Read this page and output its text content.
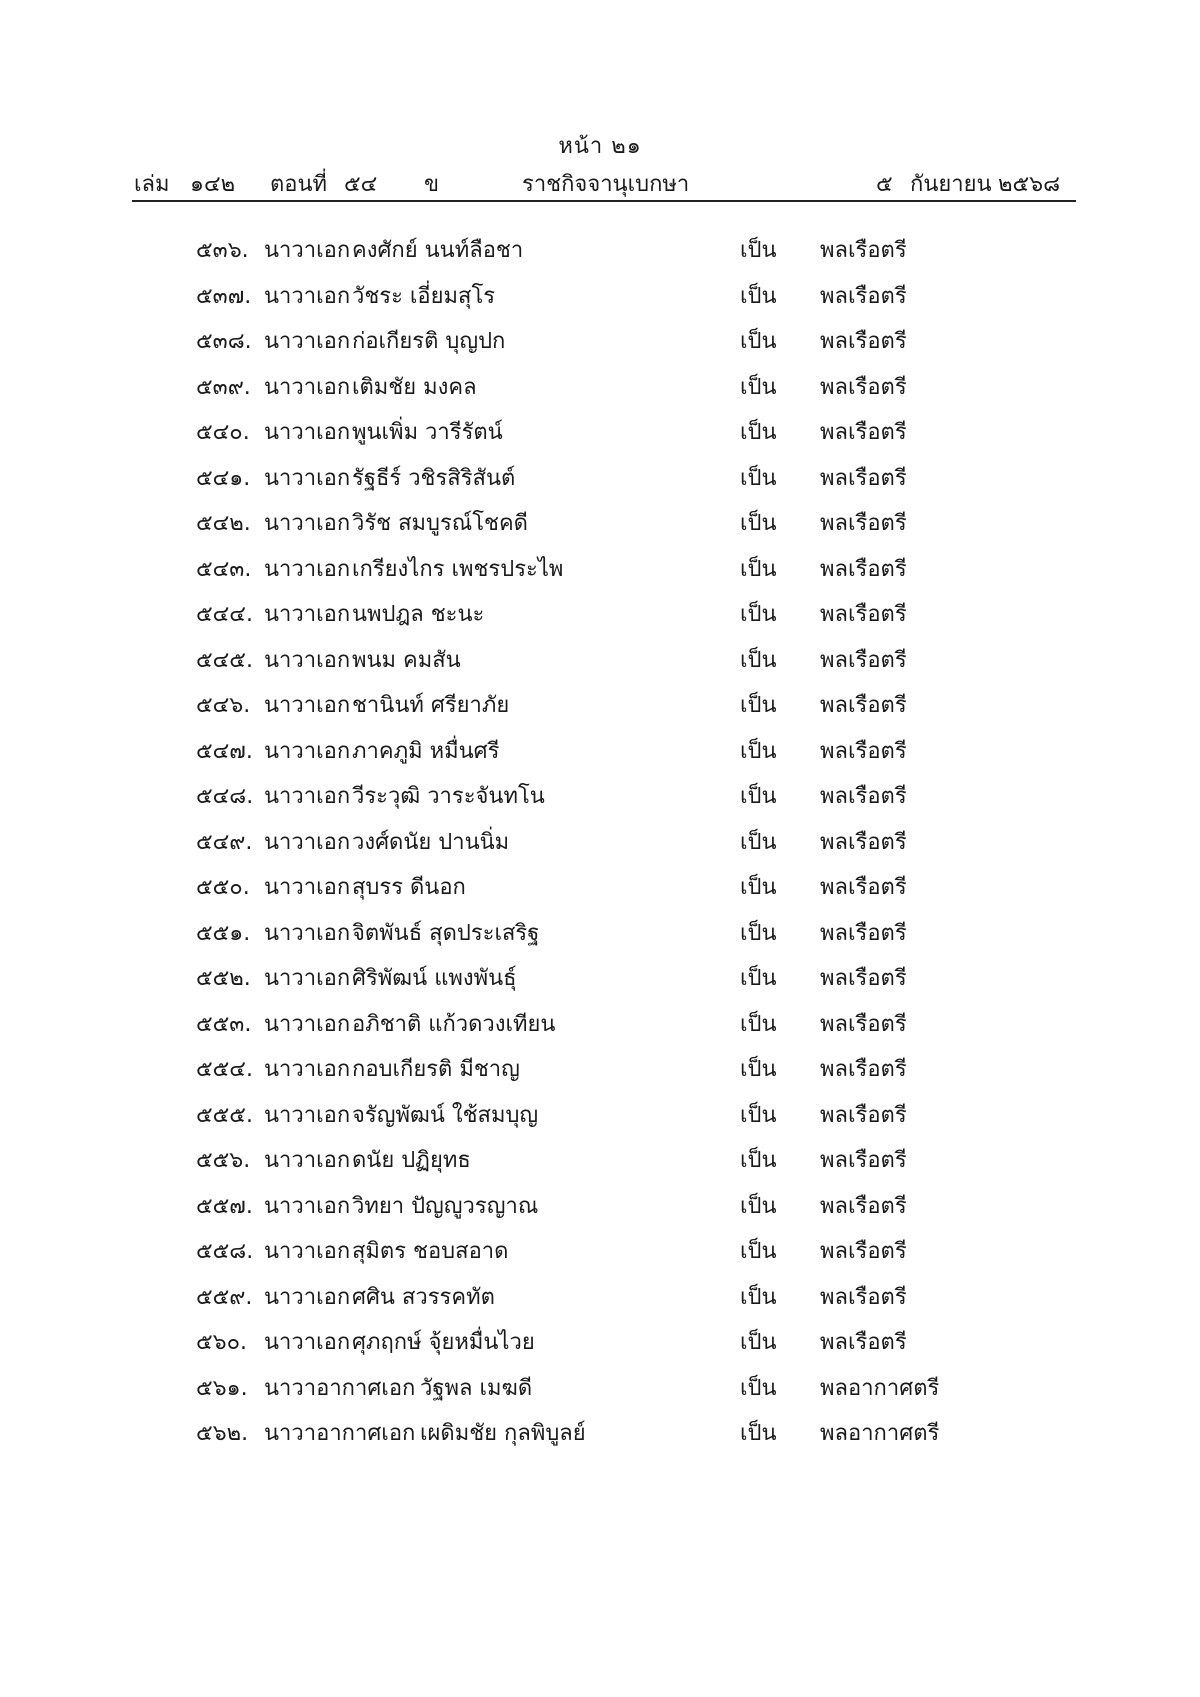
หน้า ๒๑
เล่ม ๑๔๒ ตอนที่ ๕๔ ข	ราชกิจจานุเบกษา	๕ กันยายน ๒๕๖๘
๕๓๖. นาวาเอก คงศักย์ นนท์ลือชา	เป็น พลเรือตรี
๕๓๗. นาวาเอก วัชระ เอี่ยมสุโร	เป็น พลเรือตรี
๕๓๘. นาวาเอก ก่อเกียรติ บุญปก	เป็น พลเรือตรี
๕๓๙. นาวาเอก เติมชัย มงคล	เป็น พลเรือตรี
๕๔๐. นาวาเอก พูนเพิ่ม วารีรัตน์	เป็น พลเรือตรี
๕๔๑. นาวาเอก รัฐธีร์ วชิรสิริสันต์	เป็น พลเรือตรี
๕๔๒. นาวาเอก วิรัช สมบูรณ์โชคดี	เป็น พลเรือตรี
๕๔๓. นาวาเอก เกรียงไกร เพชรประไพ	เป็น พลเรือตรี
๕๔๔. นาวาเอก นพปฎล ชะนะ	เป็น พลเรือตรี
๕๔๕. นาวาเอก พนม คมสัน	เป็น พลเรือตรี
๕๔๖. นาวาเอก ชานินท์ ศรียาภัย	เป็น พลเรือตรี
๕๔๗. นาวาเอก ภาคภูมิ หมื่นศรี	เป็น พลเรือตรี
๕๔๘. นาวาเอก วีระวุฒิ วาระจันทโน	เป็น พลเรือตรี
๕๔๙. นาวาเอก วงศ์ดนัย ปานนิ่ม	เป็น พลเรือตรี
๕๕๐. นาวาเอก สุบรร ดีนอก	เป็น พลเรือตรี
๕๕๑. นาวาเอก จิตพันธ์ สุดประเสริฐ	เป็น พลเรือตรี
๕๕๒. นาวาเอก ศิริพัฒน์ แพงพันธุ์	เป็น พลเรือตรี
๕๕๓. นาวาเอก อภิชาติ แก้วดวงเทียน	เป็น พลเรือตรี
๕๕๔. นาวาเอก กอบเกียรติ มีชาญ	เป็น พลเรือตรี
๕๕๕. นาวาเอก จรัญพัฒน์ ใช้สมบุญ	เป็น พลเรือตรี
๕๕๖. นาวาเอก ดนัย ปฏิยุทธ	เป็น พลเรือตรี
๕๕๗. นาวาเอก วิทยา ปัญญูวรญาณ	เป็น พลเรือตรี
๕๕๘. นาวาเอก สุมิตร ชอบสอาด	เป็น พลเรือตรี
๕๕๙. นาวาเอก ศศิน สวรรคทัต	เป็น พลเรือตรี
๕๖๐. นาวาเอก ศุภฤกษ์ จุ้ยหมื่นไวย	เป็น พลเรือตรี
๕๖๑. นาวาอากาศเอก วัฐพล เมฆดี	เป็น พลอากาศตรี
๕๖๒. นาวาอากาศเอก เผดิมชัย กุลพิบูลย์	เป็น พลอากาศตรี
